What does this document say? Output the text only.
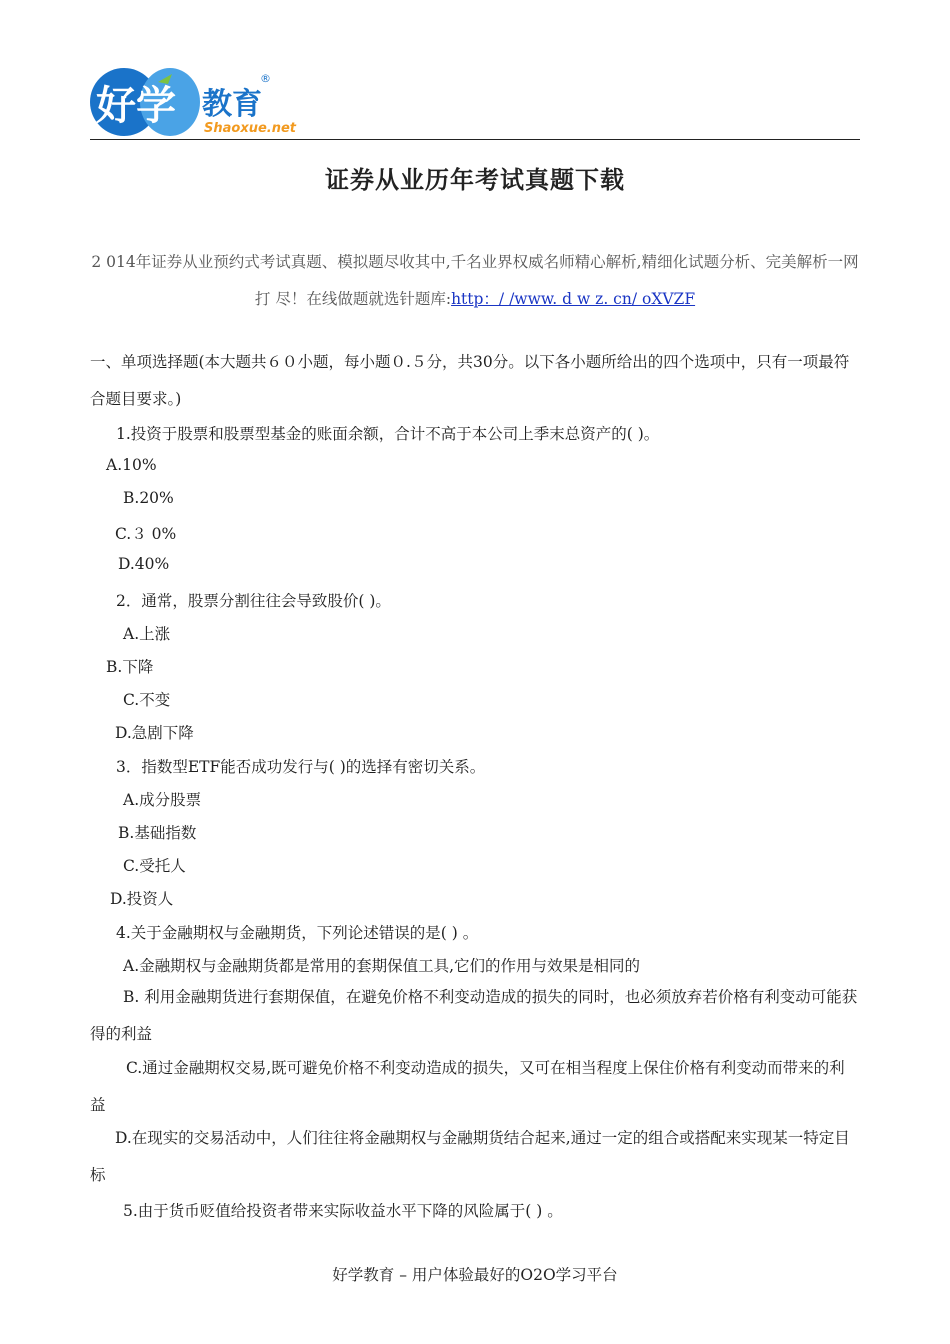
好学 教育
®
Shaoxue.net
证券从业历年考试真题下载
2 014年证券从业预约式考试真题、模拟题尽收其中,千名业界权威名师精心解析,精细化试题分析、完美解析一网打 尽！在线做题就选针题库:http：/ /www. d w z. cn/ oXVZF
一、单项选择题(本大题共６０小题，每小题０.５分，共30分。以下各小题所给出的四个选项中，只有一项最符合题目要求。)
1.投资于股票和股票型基金的账面余额，合计不高于本公司上季末总资产的( )。
A.10%
B.20%
C.３ 0%
D.40%
2．通常，股票分割往往会导致股价( )。
A.上涨
B.下降
C.不变
D.急剧下降
3．指数型ETF能否成功发行与( )的选择有密切关系。
A.成分股票
B.基础指数
C.受托人
D.投资人
4.关于金融期权与金融期货，下列论述错误的是( ) 。
A.金融期权与金融期货都是常用的套期保值工具,它们的作用与效果是相同的
B. 利用金融期货进行套期保值，在避免价格不利变动造成的损失的同时，也必须放弃若价格有利变动可能获得的利益
C.通过金融期权交易,既可避免价格不利变动造成的损失，又可在相当程度上保住价格有利变动而带来的利益
D.在现实的交易活动中，人们往往将金融期权与金融期货结合起来,通过一定的组合或搭配来实现某一特定目标
5.由于货币贬值给投资者带来实际收益水平下降的风险属于( ) 。
好学教育 – 用户体验最好的O2O学习平台
